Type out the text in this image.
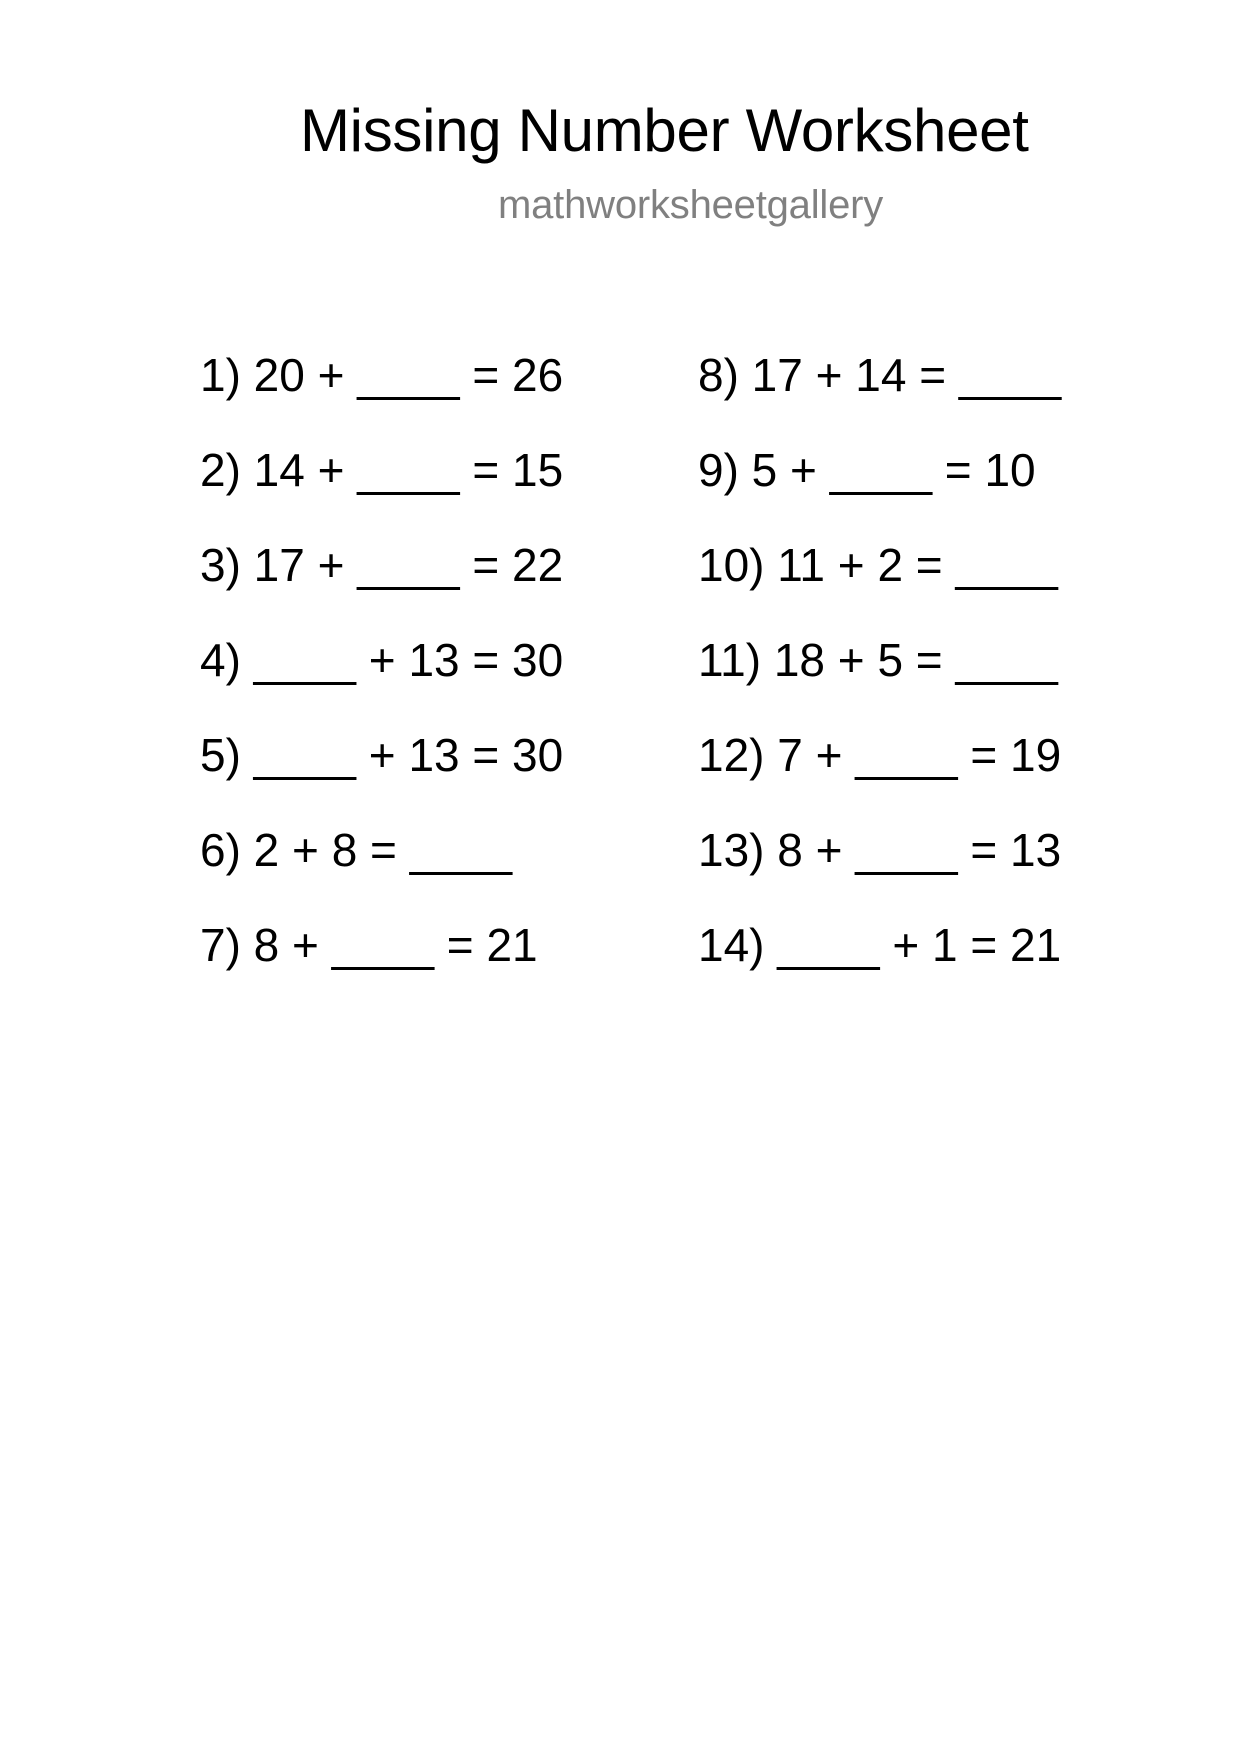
Missing Number Worksheet
mathworksheetgallery
1) 20 + ____ = 26
2) 14 + ____ = 15
3) 17 + ____ = 22
4) ____ + 13 = 30
5) ____ + 13 = 30
6) 2 + 8 = ____
7) 8 + ____ = 21
8) 17 + 14 = ____
9) 5 + ____ = 10
10) 11 + 2 = ____
11) 18 + 5 = ____
12) 7 + ____ = 19
13) 8 + ____ = 13
14) ____ + 1 = 21
